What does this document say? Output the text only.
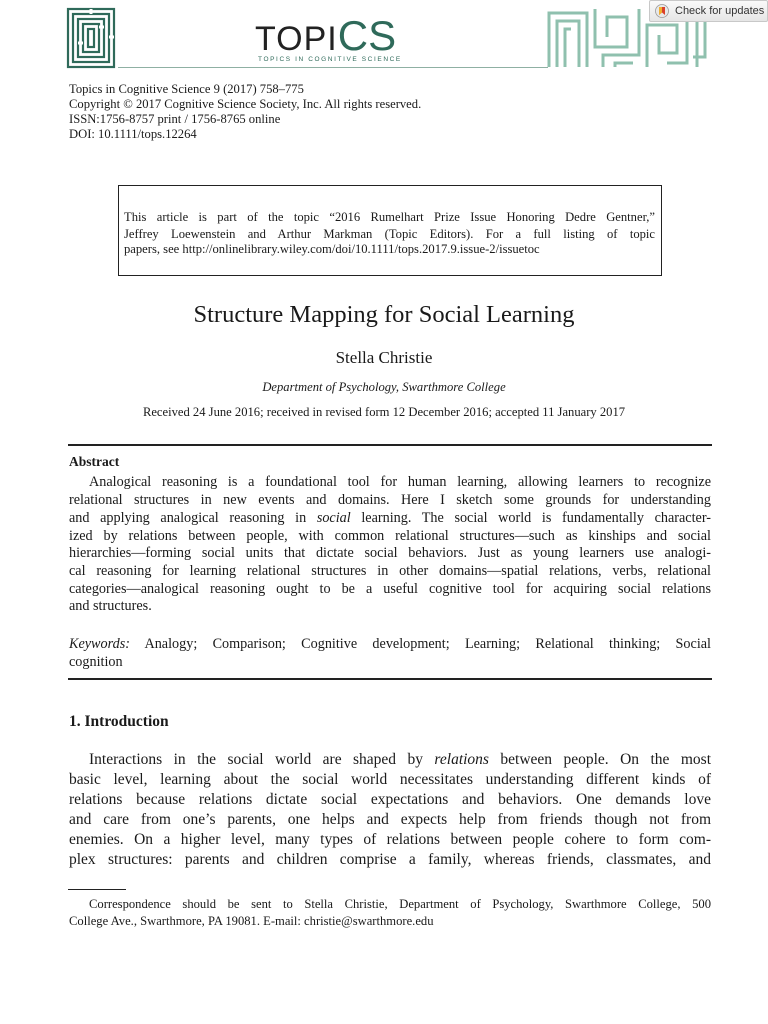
TOPICS
TOPICS IN COGNITIVE SCIENCE
Check for updates
Topics in Cognitive Science 9 (2017) 758–775
Copyright © 2017 Cognitive Science Society, Inc. All rights reserved.
ISSN:1756-8757 print / 1756-8765 online
DOI: 10.1111/tops.12264
This article is part of the topic “2016 Rumelhart Prize Issue Honoring Dedre Gentner,”
Jeffrey Loewenstein and Arthur Markman (Topic Editors). For a full listing of topic
papers, see http://onlinelibrary.wiley.com/doi/10.1111/tops.2017.9.issue-2/issuetoc
Structure Mapping for Social Learning
Stella Christie
Department of Psychology, Swarthmore College
Received 24 June 2016; received in revised form 12 December 2016; accepted 11 January 2017
Abstract
Analogical reasoning is a foundational tool for human learning, allowing learners to recognize
relational structures in new events and domains. Here I sketch some grounds for understanding
and applying analogical reasoning in social learning. The social world is fundamentally character-
ized by relations between people, with common relational structures—such as kinships and social
hierarchies—forming social units that dictate social behaviors. Just as young learners use analogi-
cal reasoning for learning relational structures in other domains—spatial relations, verbs, relational
categories—analogical reasoning ought to be a useful cognitive tool for acquiring social relations
and structures.
Keywords: Analogy; Comparison; Cognitive development; Learning; Relational thinking; Social
cognition
1. Introduction
Interactions in the social world are shaped by relations between people. On the most
basic level, learning about the social world necessitates understanding different kinds of
relations because relations dictate social expectations and behaviors. One demands love
and care from one’s parents, one helps and expects help from friends though not from
enemies. On a higher level, many types of relations between people cohere to form com-
plex structures: parents and children comprise a family, whereas friends, classmates, and
Correspondence should be sent to Stella Christie, Department of Psychology, Swarthmore College, 500
College Ave., Swarthmore, PA 19081. E-mail: christie@swarthmore.edu
